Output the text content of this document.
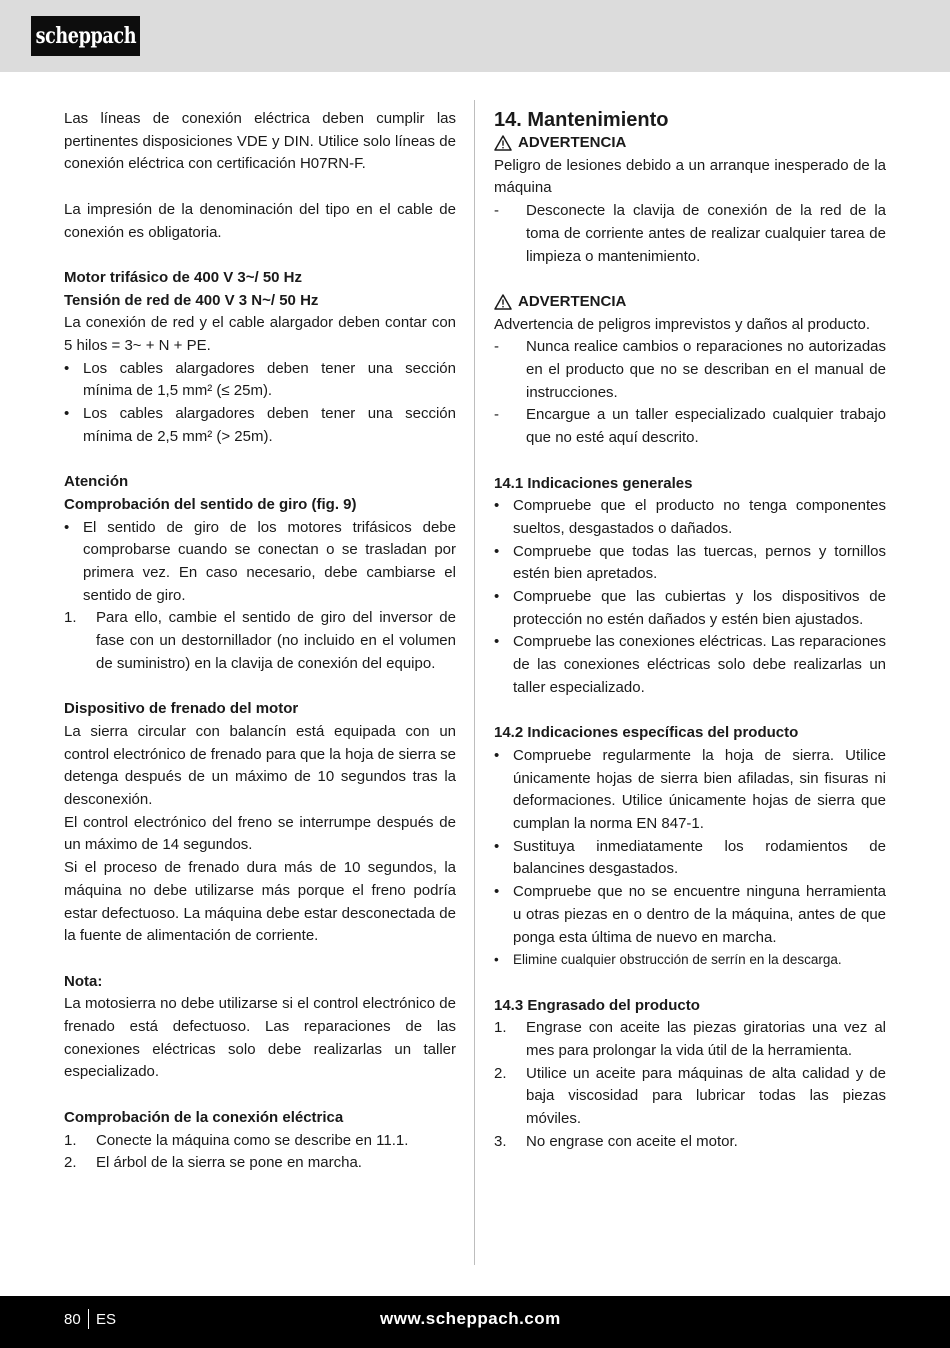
scheppach

Las líneas de conexión eléctrica deben cumplir las pertinentes disposiciones VDE y DIN. Utilice solo líneas de conexión eléctrica con certificación H07RN-F.

La impresión de la denominación del tipo en el cable de conexión es obligatoria.

Motor trifásico de 400 V 3~/ 50 Hz

Tensión de red de 400 V 3 N~/ 50 Hz

La conexión de red y el cable alargador deben contar con 5 hilos = 3~ + N + PE.

• Los cables alargadores deben tener una sección mínima de 1,5 mm² (≤ 25m).
• Los cables alargadores deben tener una sección mínima de 2,5 mm² (> 25m).

Atención

Comprobación del sentido de giro (fig. 9)

• El sentido de giro de los motores trifásicos debe comprobarse cuando se conectan o se trasladan por primera vez. En caso necesario, debe cambiarse el sentido de giro.
1.	Para ello, cambie el sentido de giro del inversor de fase con un destornillador (no incluido en el volumen de suministro) en la clavija de conexión del equipo.

Dispositivo de frenado del motor

La sierra circular con balancín está equipada con un control electrónico de frenado para que la hoja de sierra se detenga después de un máximo de 10 segundos tras la desconexión.

El control electrónico del freno se interrumpe después de un máximo de 14 segundos.

Si el proceso de frenado dura más de 10 segundos, la máquina no debe utilizarse más porque el freno podría estar defectuoso. La máquina debe estar desconectada de la fuente de alimentación de corriente.

Nota:

La motosierra no debe utilizarse si el control electrónico de frenado está defectuoso. Las reparaciones de las conexiones eléctricas solo debe realizarlas un taller especializado.

Comprobación de la conexión eléctrica

1.	Conecte la máquina como se describe en 11.1.
2.	El árbol de la sierra se pone en marcha.

14. Mantenimiento

ADVERTENCIA

Peligro de lesiones debido a un arranque inesperado de la máquina

-	Desconecte la clavija de conexión de la red de la toma de corriente antes de realizar cualquier tarea de limpieza o mantenimiento.

ADVERTENCIA

Advertencia de peligros imprevistos y daños al producto.

-	Nunca realice cambios o reparaciones no autorizadas en el producto que no se describan en el manual de instrucciones.
-	Encargue a un taller especializado cualquier trabajo que no esté aquí descrito.

14.1 Indicaciones generales

• Compruebe que el producto no tenga componentes sueltos, desgastados o dañados.
• Compruebe que todas las tuercas, pernos y tornillos estén bien apretados.
• Compruebe que las cubiertas y los dispositivos de protección no estén dañados y estén bien ajustados.
• Compruebe las conexiones eléctricas. Las reparaciones de las conexiones eléctricas solo debe realizarlas un taller especializado.

14.2 Indicaciones específicas del producto

• Compruebe regularmente la hoja de sierra. Utilice únicamente hojas de sierra bien afiladas, sin fisuras ni deformaciones. Utilice únicamente hojas de sierra que cumplan la norma EN 847-1.
• Sustituya inmediatamente los rodamientos de balancines desgastados.
• Compruebe que no se encuentre ninguna herramienta u otras piezas en o dentro de la máquina, antes de que ponga esta última de nuevo en marcha.
•	Elimine cualquier obstrucción de serrín en la descarga.

14.3 Engrasado del producto

1.	Engrase con aceite las piezas giratorias una vez al mes para prolongar la vida útil de la herramienta.
2.	Utilice un aceite para máquinas de alta calidad y de baja viscosidad para lubricar todas las piezas móviles.
3.	No engrase con aceite el motor.
80 ES	www.scheppach.com
